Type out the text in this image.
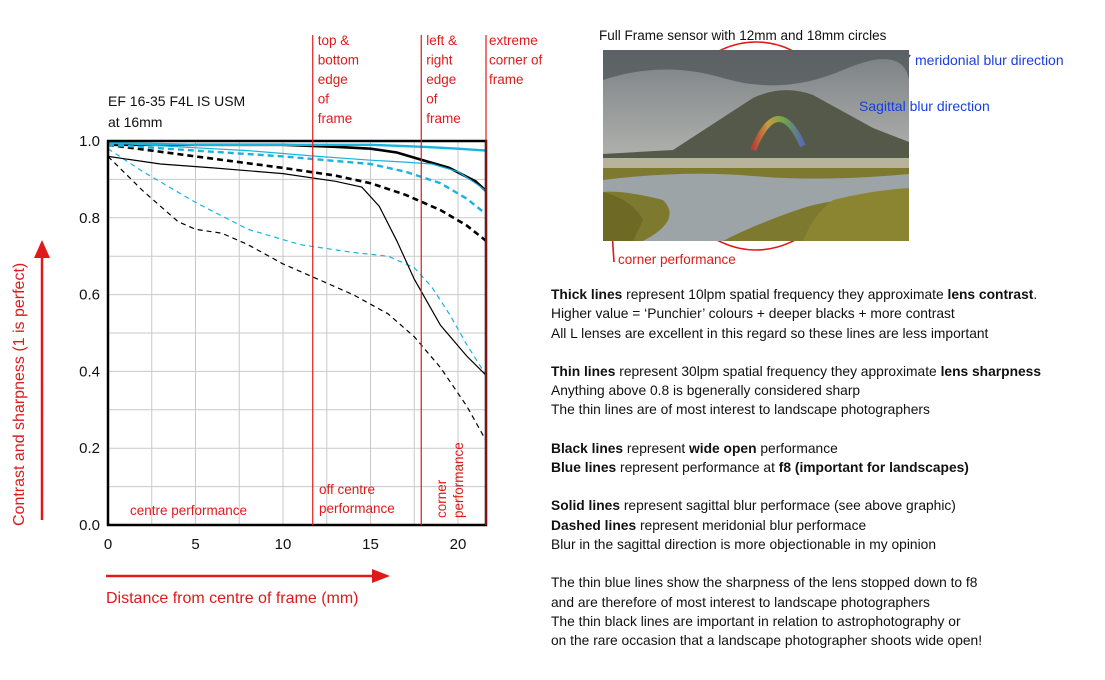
0.0
0.2
0.4
0.6
0.8
1.0
0	5	10	15	20
EF 16-35 F4L IS USM
at 16mm
top &
bottom
edge
of
frame
left &
right
edge
of
frame
extreme
corner of
frame
centre performance
off centre
performance	corner performance
Contrast and sharpness (1 is perfect)
Distance from centre of frame (mm)
corner performance
Full Frame sensor with 12mm and 18mm circles
meridonial blur direction
Sagittal blur direction

Thick lines represent 10lpm spatial frequency they approximate lens contrast.
Higher value = ‘Punchier’ colours + deeper blacks + more contrast
All L lenses are excellent in this regard so these lines are less important

Thin lines represent 30lpm spatial frequency they approximate lens sharpness
Anything above 0.8 is bgenerally considered sharp
The thin lines are of most interest to landscape photographers

Black lines represent wide open performance
Blue lines represent performance at f8 (important for landscapes)

Solid lines represent sagittal blur performace (see above graphic)
Dashed lines represent meridonial blur performace
Blur in the sagittal direction is more objectionable in my opinion

The thin blue lines show the sharpness of the lens stopped down to f8
and are therefore of most interest to landscape photographers
The thin black lines are important in relation to astrophotography or
on the rare occasion that a landscape photographer shoots wide open!
